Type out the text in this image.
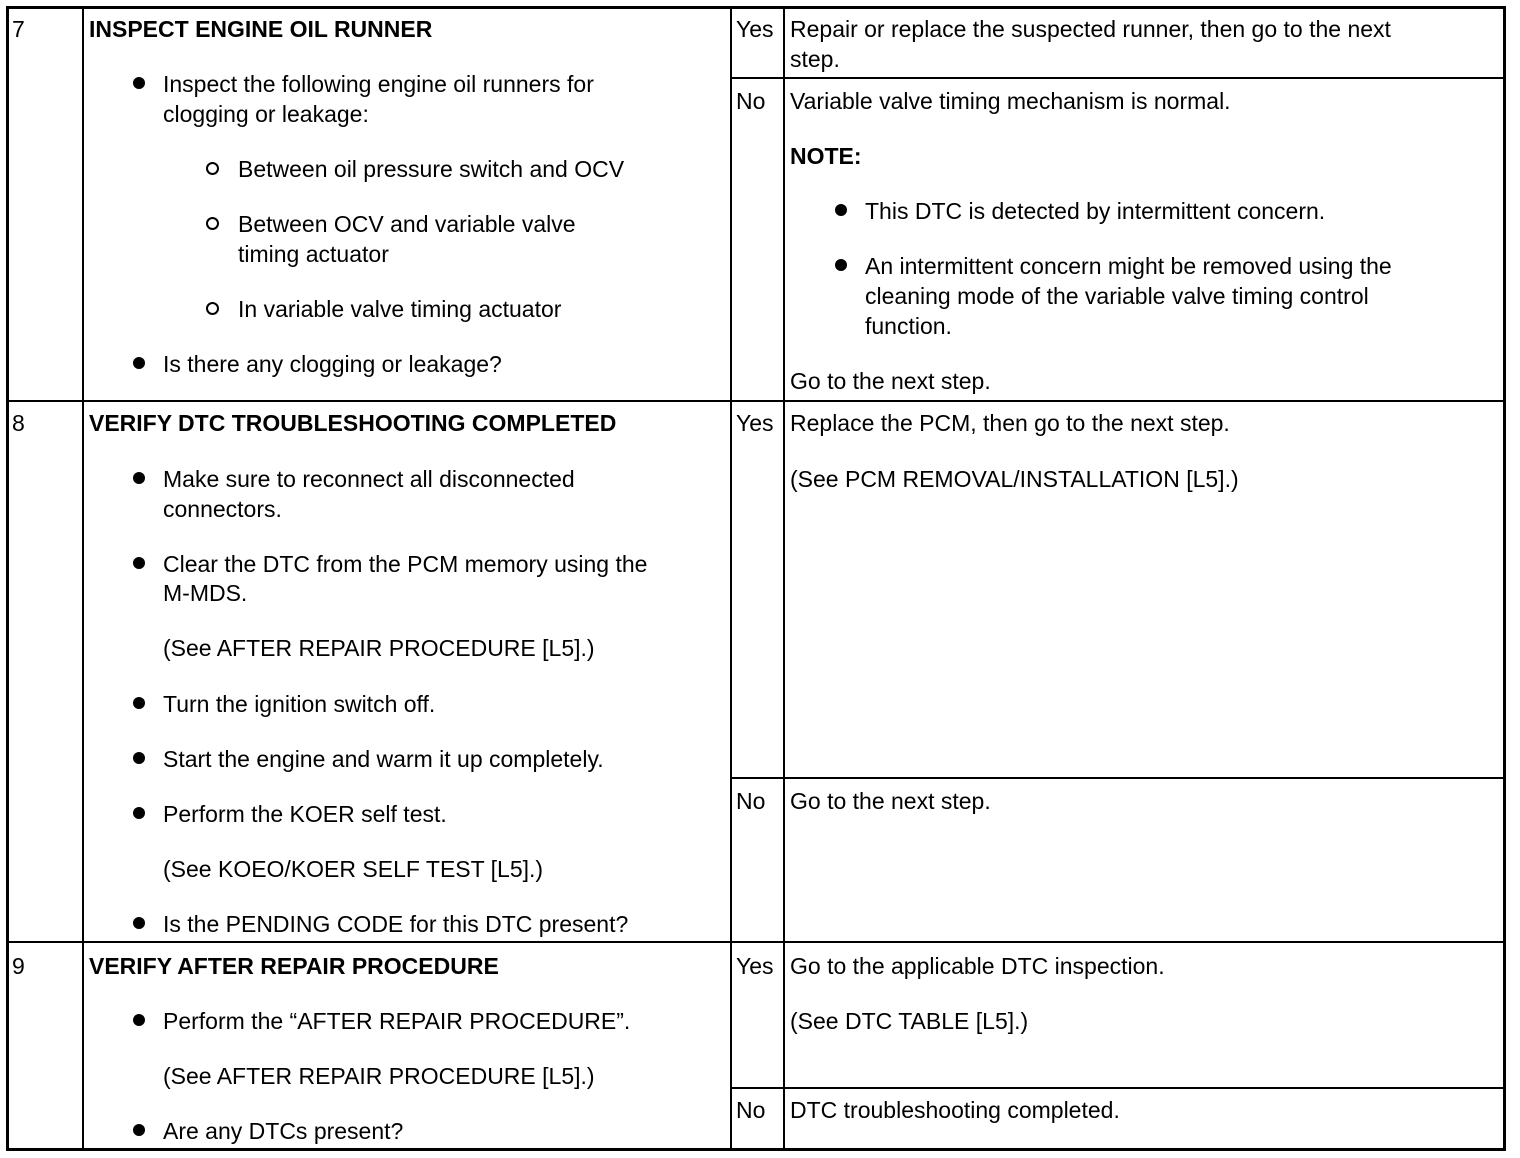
7	INSPECT ENGINE OIL RUNNER
Inspect the following engine oil runners for
clogging or leakage:
Between oil pressure switch and OCV
Between OCV and variable valve
timing actuator
In variable valve timing actuator
Is there any clogging or leakage?
Yes Repair or replace the suspected runner, then go to the next
step.
No Variable valve timing mechanism is normal.
NOTE:
This DTC is detected by intermittent concern.
An intermittent concern might be removed using the
cleaning mode of the variable valve timing control
function.
Go to the next step.
8	VERIFY DTC TROUBLESHOOTING COMPLETED
Make sure to reconnect all disconnected
connectors.
Clear the DTC from the PCM memory using the
M-MDS.
(See AFTER REPAIR PROCEDURE [L5].)
Turn the ignition switch off.
Start the engine and warm it up completely.
Perform the KOER self test.
(See KOEO/KOER SELF TEST [L5].)
Is the PENDING CODE for this DTC present?
Yes Replace the PCM, then go to the next step.
(See PCM REMOVAL/INSTALLATION [L5].)
No Go to the next step.
9	VERIFY AFTER REPAIR PROCEDURE
Perform the “AFTER REPAIR PROCEDURE”.
(See AFTER REPAIR PROCEDURE [L5].)
Are any DTCs present?
Yes Go to the applicable DTC inspection.
(See DTC TABLE [L5].)
No DTC troubleshooting completed.
